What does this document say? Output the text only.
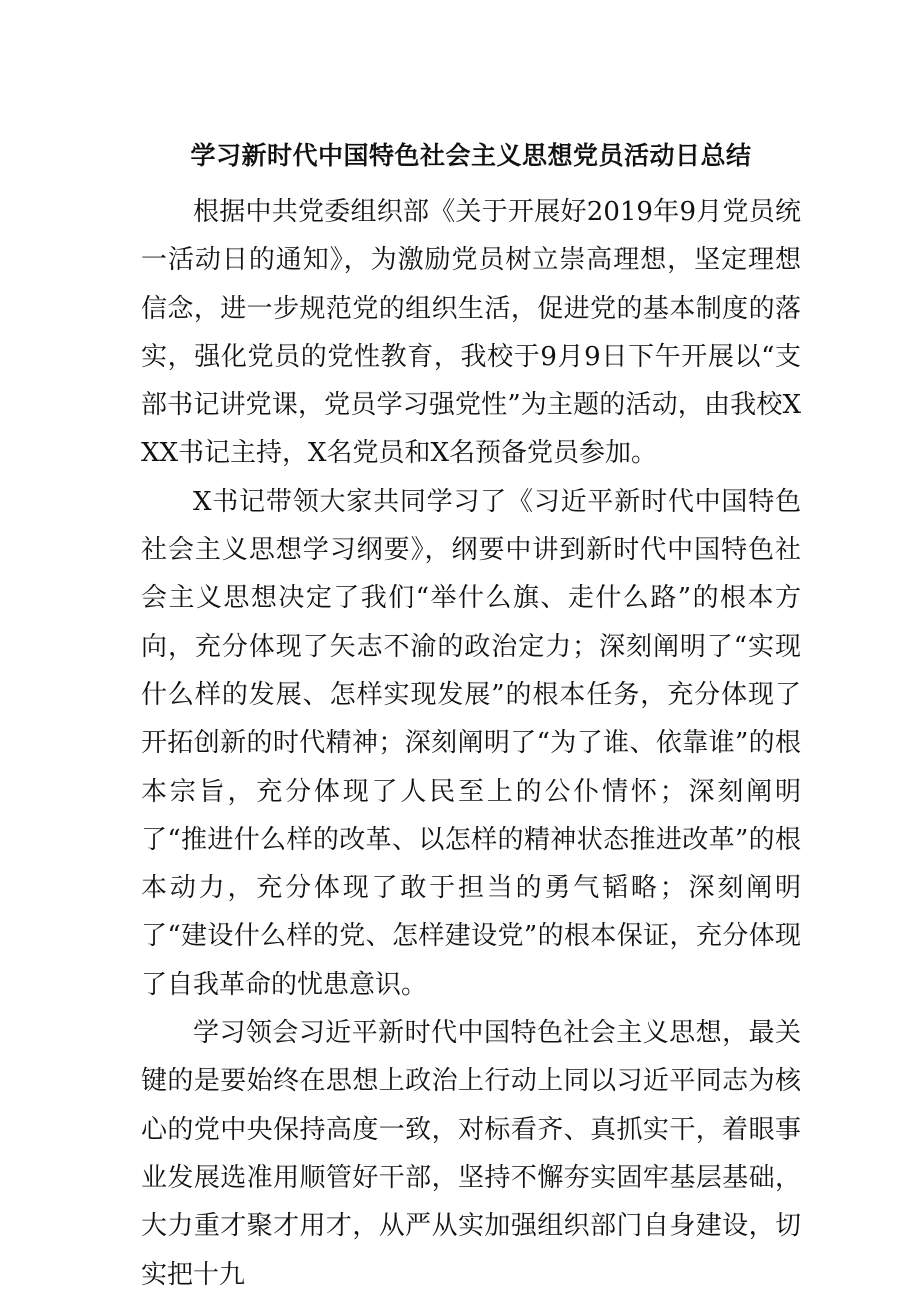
学习新时代中国特色社会主义思想党员活动日总结

根据中共党委组织部《关于开展好2019年9月党员统一活动日的通知》，为激励党员树立崇高理想，坚定理想信念，进一步规范党的组织生活，促进党的基本制度的落实，强化党员的党性教育，我校于9月9日下午开展以“支部书记讲党课，党员学习强党性”为主题的活动，由我校XXX书记主持，X名党员和X名预备党员参加。

X书记带领大家共同学习了《习近平新时代中国特色社会主义思想学习纲要》，纲要中讲到新时代中国特色社会主义思想决定了我们“举什么旗、走什么路”的根本方向，充分体现了矢志不渝的政治定力；深刻阐明了“实现什么样的发展、怎样实现发展”的根本任务，充分体现了开拓创新的时代精神；深刻阐明了“为了谁、依靠谁”的根本宗旨，充分体现了人民至上的公仆情怀；深刻阐明了“推进什么样的改革、以怎样的精神状态推进改革”的根本动力，充分体现了敢于担当的勇气韬略；深刻阐明了“建设什么样的党、怎样建设党”的根本保证，充分体现了自我革命的忧患意识。

学习领会习近平新时代中国特色社会主义思想，最关键的是要始终在思想上政治上行动上同以习近平同志为核心的党中央保持高度一致，对标看齐、真抓实干，着眼事业发展选准用顺管好干部，坚持不懈夯实固牢基层基础，大力重才聚才用才，从严从实加强组织部门自身建设，切实把十九
